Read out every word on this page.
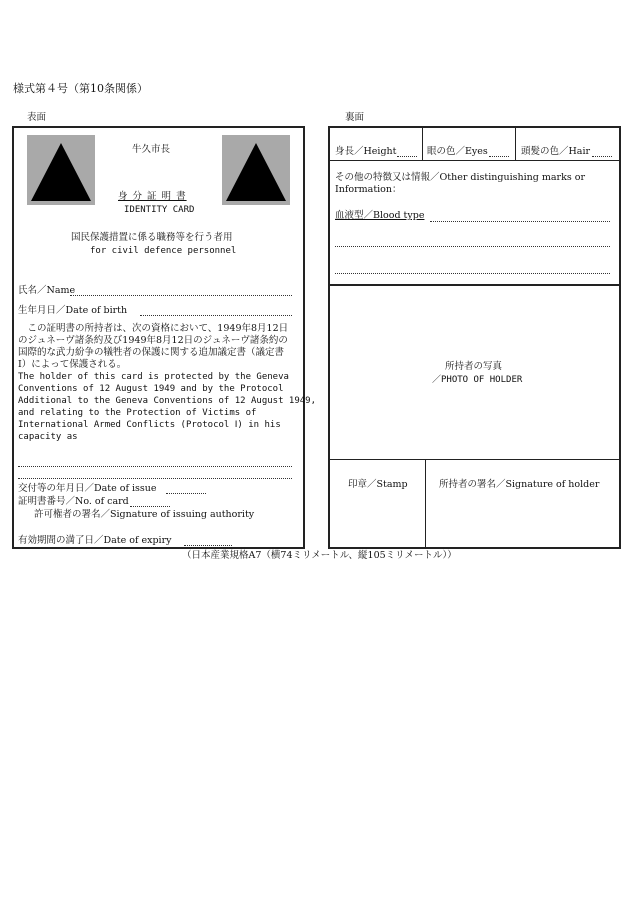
様式第４号（第10条関係）
表面	裏面
牛久市長
身 分 証 明 書
IDENTITY CARD
国民保護措置に係る職務等を行う者用
for civil defence personnel
氏名／Name
生年月日／Date of birth
　この証明書の所持者は、次の資格において、1949年8月12日
のジュネーヴ諸条約及び1949年8月12日のジュネーヴ諸条約の
国際的な武力紛争の犠牲者の保護に関する追加議定書（議定書
Ⅰ）によって保護される。
The holder of this card is protected by the Geneva
Conventions of 12 August 1949 and by the Protocol
Additional to the Geneva Conventions of 12 August 1949,
and relating to the Protection of Victims of
International Armed Conflicts (Protocol Ⅰ) in his
capacity as
交付等の年月日／Date of issue
証明書番号／No. of card
許可権者の署名／Signature of issuing authority
有効期間の満了日／Date of expiry
身長／Height	眼の色／Eyes	頭髪の色／Hair
その他の特徴又は情報／Other distinguishing marks or
Information：
血液型／Blood type
所持者の写真
／PHOTO OF HOLDER
印章／Stamp	所持者の署名／Signature of holder
（日本産業規格A7（横74ミリメートル、縦105ミリメートル））
